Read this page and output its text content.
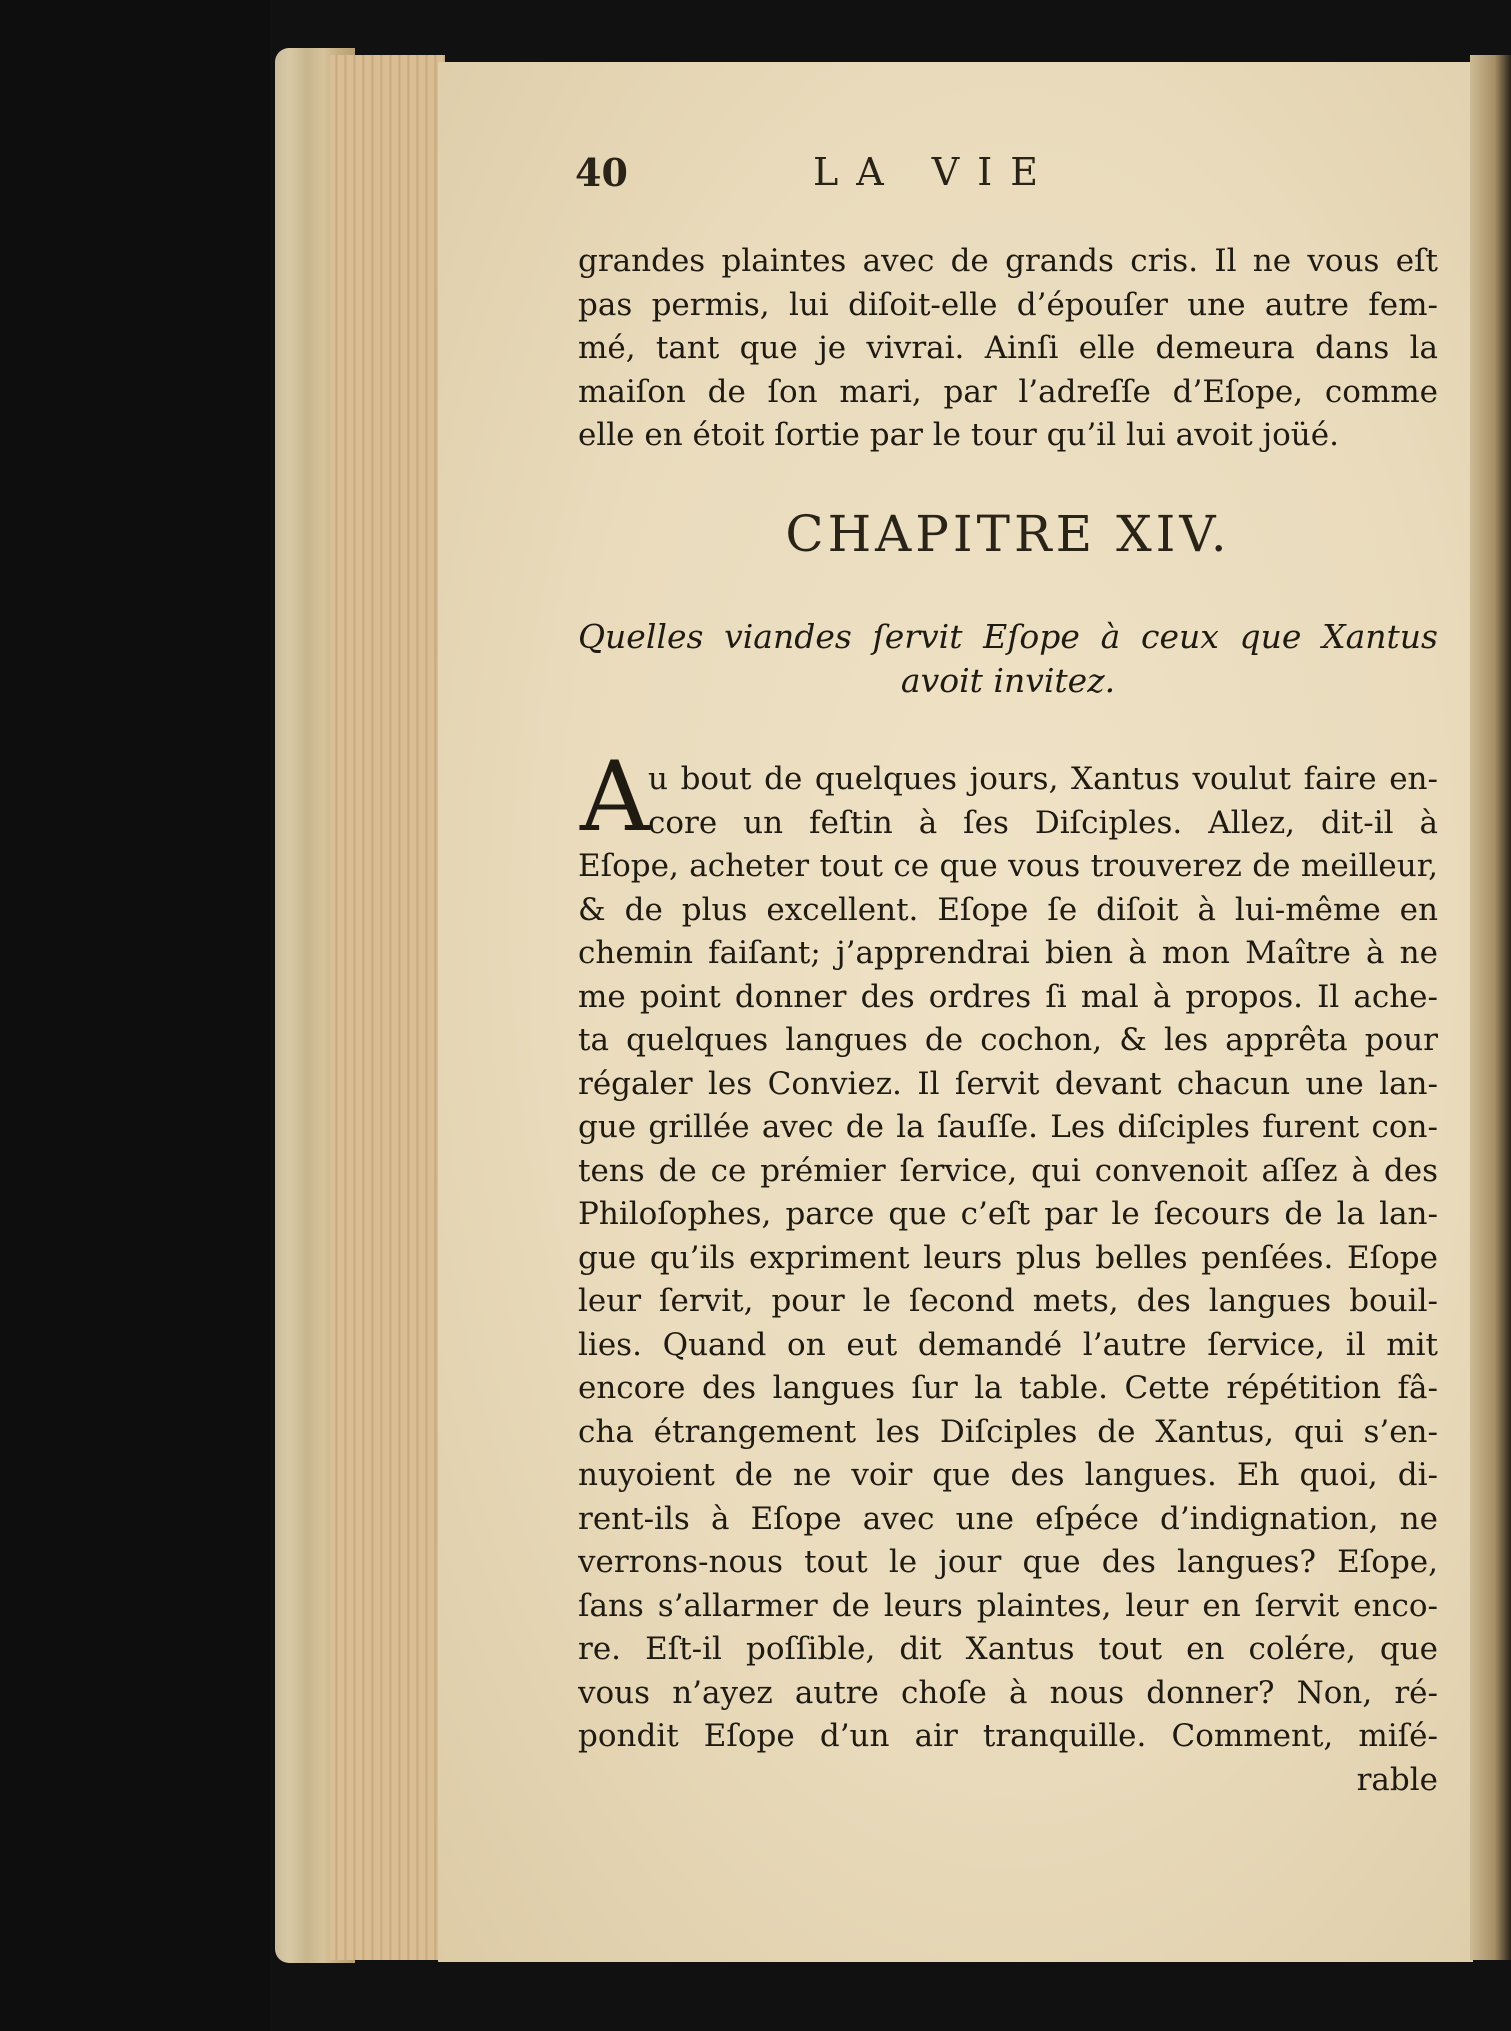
40	LA VIE
grandes plaintes avec de grands cris. Il ne vous eſt
pas permis, lui diſoit-elle d’épouſer une autre fem-
mé, tant que je vivrai. Ainſi elle demeura dans la
maiſon de ſon mari, par l’adreſſe d’Eſope, comme
elle en étoit ſortie par le tour qu’il lui avoit joüé.
CHAPITRE XIV.
Quelles viandes ſervit Eſope à ceux que Xantus
avoit invitez.
A
u bout de quelques jours, Xantus voulut faire en-
core un feſtin à ſes Diſciples. Allez, dit-il à
Eſope, acheter tout ce que vous trouverez de meilleur,
& de plus excellent. Eſope ſe diſoit à lui-même en
chemin faiſant; j’apprendrai bien à mon Maître à ne
me point donner des ordres ſi mal à propos. Il ache-
ta quelques langues de cochon, & les apprêta pour
régaler les Conviez. Il ſervit devant chacun une lan-
gue grillée avec de la ſauſſe. Les diſciples furent con-
tens de ce prémier ſervice, qui convenoit aſſez à des
Philoſophes, parce que c’eſt par le ſecours de la lan-
gue qu’ils expriment leurs plus belles penſées. Eſope
leur ſervit, pour le ſecond mets, des langues bouil-
lies. Quand on eut demandé l’autre ſervice, il mit
encore des langues ſur la table. Cette répétition fâ-
cha étrangement les Diſciples de Xantus, qui s’en-
nuyoient de ne voir que des langues. Eh quoi, di-
rent-ils à Eſope avec une eſpéce d’indignation, ne
verrons-nous tout le jour que des langues? Eſope,
ſans s’allarmer de leurs plaintes, leur en ſervit enco-
re. Eſt-il poſſible, dit Xantus tout en colére, que
vous n’ayez autre choſe à nous donner? Non, ré-
pondit Eſope d’un air tranquille. Comment, miſé-
rable
